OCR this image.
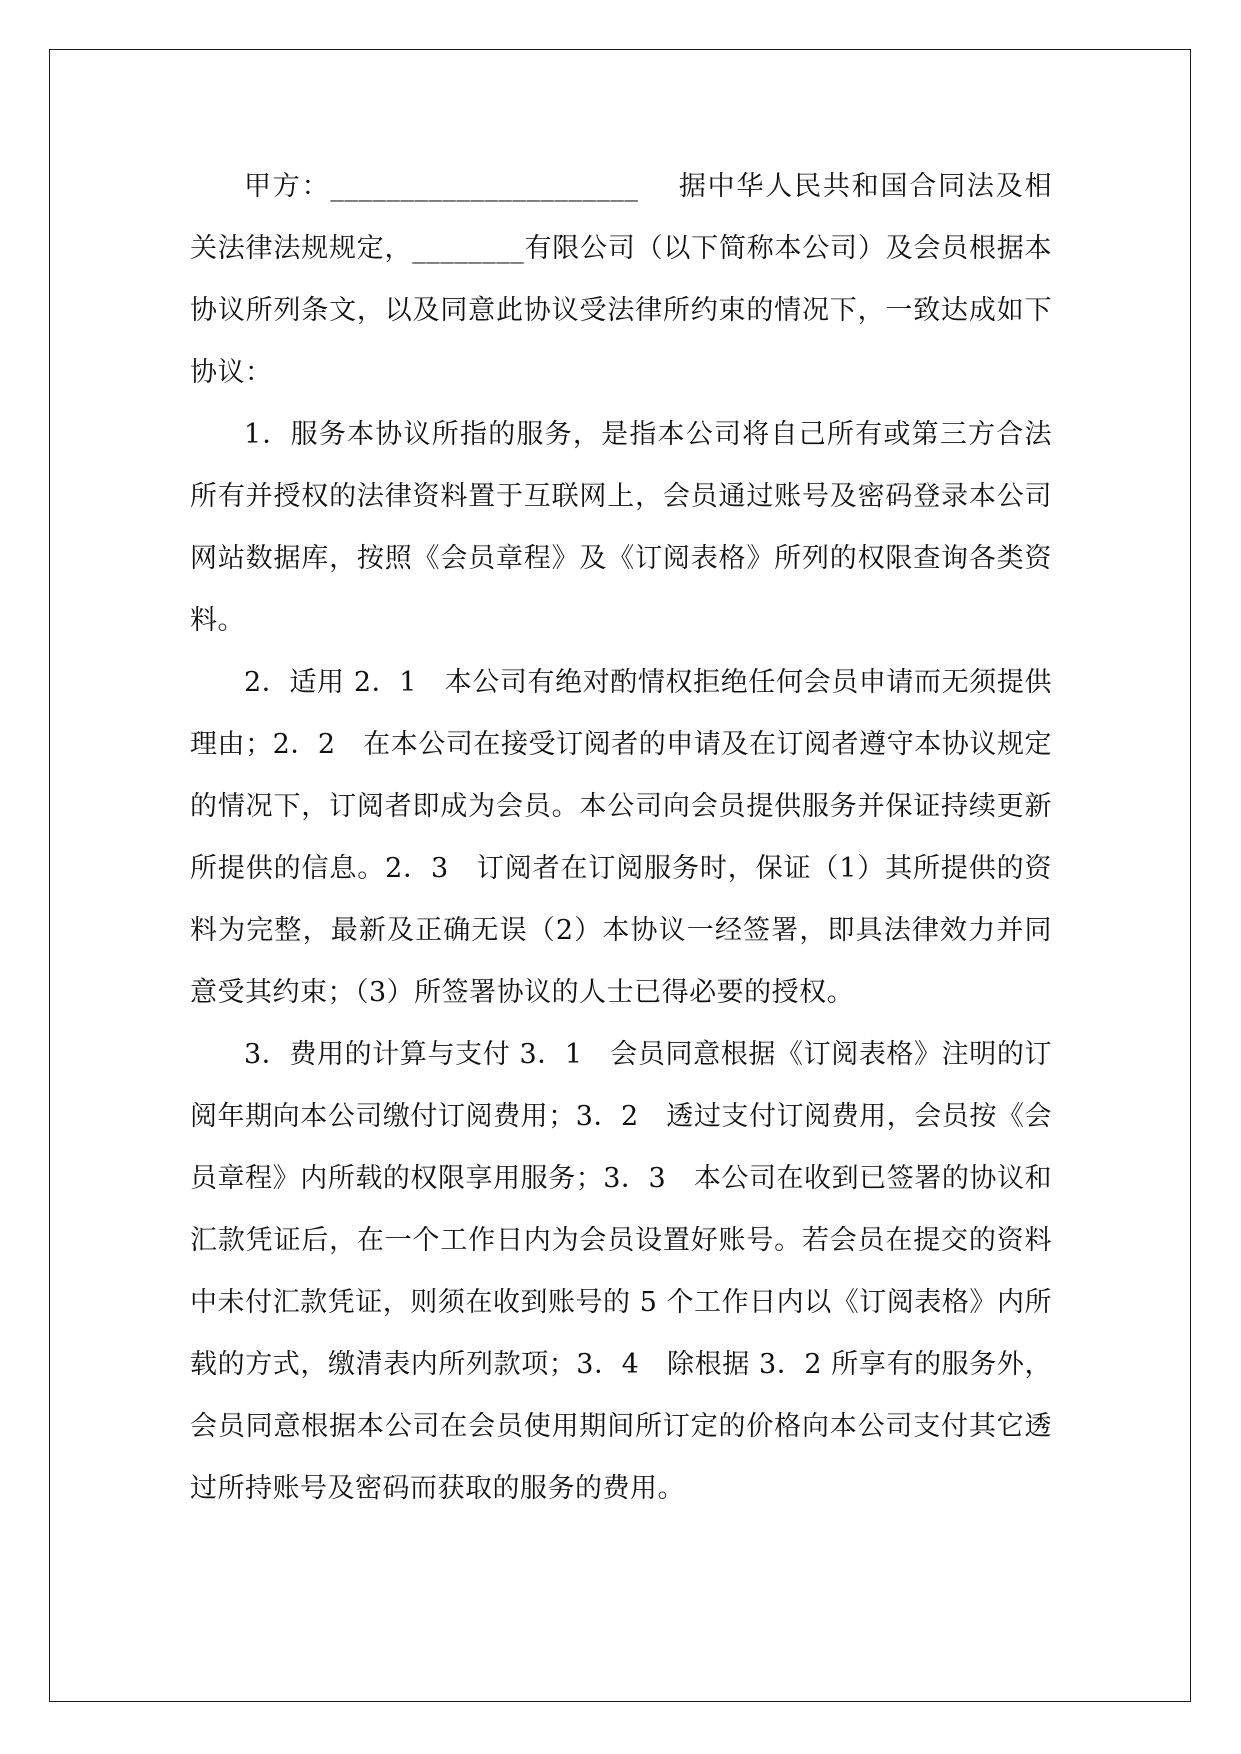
甲方：______________________　 据中华人民共和国合同法及相关法律法规规定，________有限公司（以下简称本公司）及会员根据本协议所列条文，以及同意此协议受法律所约束的情况下，一致达成如下协议：

1．服务本协议所指的服务，是指本公司将自己所有或第三方合法所有并授权的法律资料置于互联网上，会员通过账号及密码登录本公司网站数据库，按照《会员章程》及《订阅表格》所列的权限查询各类资料。

2．适用 2．1　本公司有绝对酌情权拒绝任何会员申请而无须提供理由；2．2　在本公司在接受订阅者的申请及在订阅者遵守本协议规定的情况下，订阅者即成为会员。本公司向会员提供服务并保证持续更新所提供的信息。2．3　订阅者在订阅服务时，保证（1）其所提供的资料为完整，最新及正确无误（2）本协议一经签署，即具法律效力并同意受其约束；（3）所签署协议的人士已得必要的授权。

3．费用的计算与支付 3．1　会员同意根据《订阅表格》注明的订阅年期向本公司缴付订阅费用；3．2　透过支付订阅费用，会员按《会员章程》内所载的权限享用服务；3．3　本公司在收到已签署的协议和汇款凭证后，在一个工作日内为会员设置好账号。若会员在提交的资料中未付汇款凭证，则须在收到账号的 5 个工作日内以《订阅表格》内所载的方式，缴清表内所列款项；3．4　除根据 3．2 所享有的服务外，会员同意根据本公司在会员使用期间所订定的价格向本公司支付其它透过所持账号及密码而获取的服务的费用。
